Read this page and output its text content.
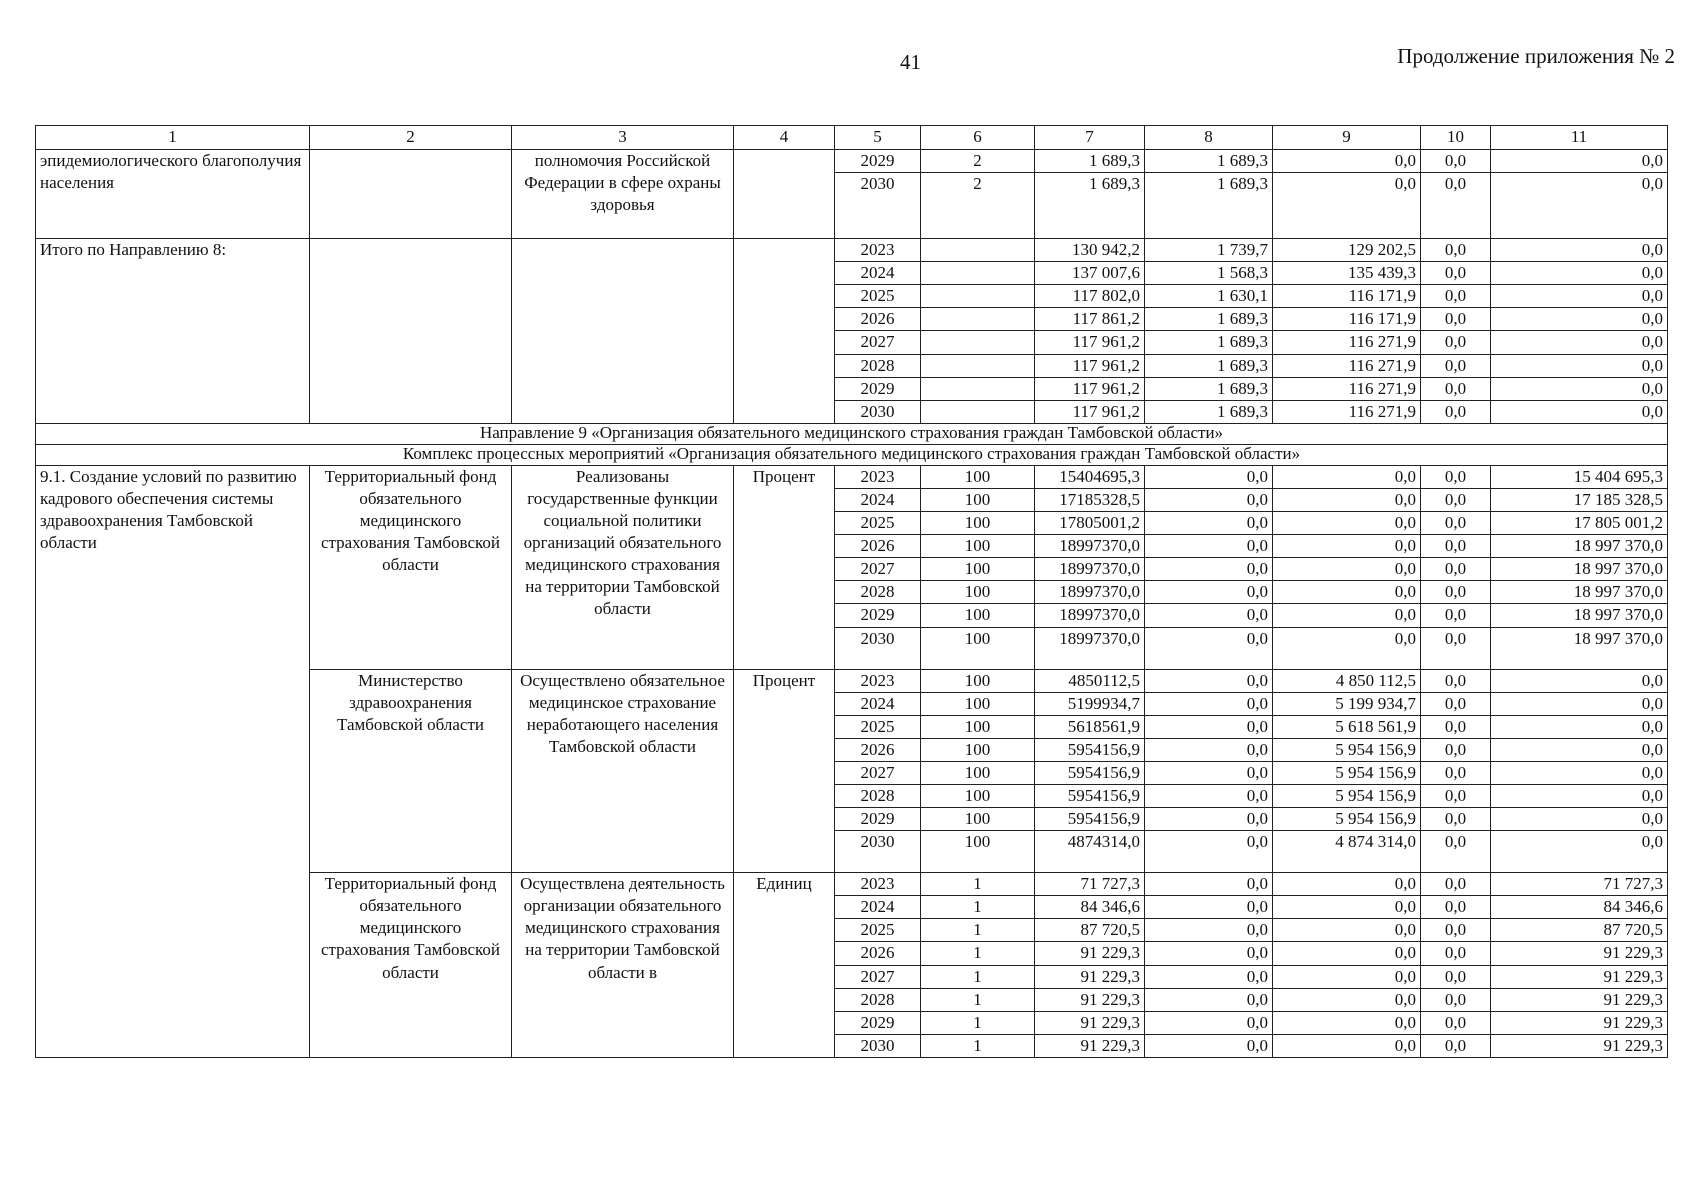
41	Продолжение приложения № 2
1	2	3	4	5	6	7	8	9	10	11
эпидемиологического благополучия населения		полномочия Российской Федерации в сфере охраны здоровья		2029	2	1 689,3	1 689,3	0,0	0,0	0,0
				2030	2	1 689,3	1 689,3	0,0	0,0	0,0
Итого по Направлению 8:				2023		130 942,2	1 739,7	129 202,5	0,0	0,0
				2024		137 007,6	1 568,3	135 439,3	0,0	0,0
				2025		117 802,0	1 630,1	116 171,9	0,0	0,0
				2026		117 861,2	1 689,3	116 171,9	0,0	0,0
				2027		117 961,2	1 689,3	116 271,9	0,0	0,0
				2028		117 961,2	1 689,3	116 271,9	0,0	0,0
				2029		117 961,2	1 689,3	116 271,9	0,0	0,0
				2030		117 961,2	1 689,3	116 271,9	0,0	0,0
Направление 9 «Организация обязательного медицинского страхования граждан Тамбовской области»										
Комплекс процессных мероприятий «Организация обязательного медицинского страхования граждан Тамбовской области»										
9.1. Создание условий по развитию кадрового обеспечения системы здравоохранения Тамбовской области	Территориальный фонд обязательного медицинского страхования Тамбовской области	Реализованы государственные функции социальной политики организаций обязательного медицинского страхования на территории Тамбовской области	Процент	2023	100	15404695,3	0,0	0,0	0,0	15 404 695,3
				2024	100	17185328,5	0,0	0,0	0,0	17 185 328,5
				2025	100	17805001,2	0,0	0,0	0,0	17 805 001,2
				2026	100	18997370,0	0,0	0,0	0,0	18 997 370,0
				2027	100	18997370,0	0,0	0,0	0,0	18 997 370,0
				2028	100	18997370,0	0,0	0,0	0,0	18 997 370,0
				2029	100	18997370,0	0,0	0,0	0,0	18 997 370,0
				2030	100	18997370,0	0,0	0,0	0,0	18 997 370,0
	Министерство здравоохранения Тамбовской области	Осуществлено обязательное медицинское страхование неработающего населения Тамбовской области	Процент	2023	100	4850112,5	0,0	4 850 112,5	0,0	0,0
				2024	100	5199934,7	0,0	5 199 934,7	0,0	0,0
				2025	100	5618561,9	0,0	5 618 561,9	0,0	0,0
				2026	100	5954156,9	0,0	5 954 156,9	0,0	0,0
				2027	100	5954156,9	0,0	5 954 156,9	0,0	0,0
				2028	100	5954156,9	0,0	5 954 156,9	0,0	0,0
				2029	100	5954156,9	0,0	5 954 156,9	0,0	0,0
				2030	100	4874314,0	0,0	4 874 314,0	0,0	0,0
	Территориальный фонд обязательного медицинского страхования Тамбовской области	Осуществлена деятельность организации обязательного медицинского страхования на территории Тамбовской области в	Единиц	2023	1	71 727,3	0,0	0,0	0,0	71 727,3
				2024	1	84 346,6	0,0	0,0	0,0	84 346,6
				2025	1	87 720,5	0,0	0,0	0,0	87 720,5
				2026	1	91 229,3	0,0	0,0	0,0	91 229,3
				2027	1	91 229,3	0,0	0,0	0,0	91 229,3
				2028	1	91 229,3	0,0	0,0	0,0	91 229,3
				2029	1	91 229,3	0,0	0,0	0,0	91 229,3
				2030	1	91 229,3	0,0	0,0	0,0	91 229,3
